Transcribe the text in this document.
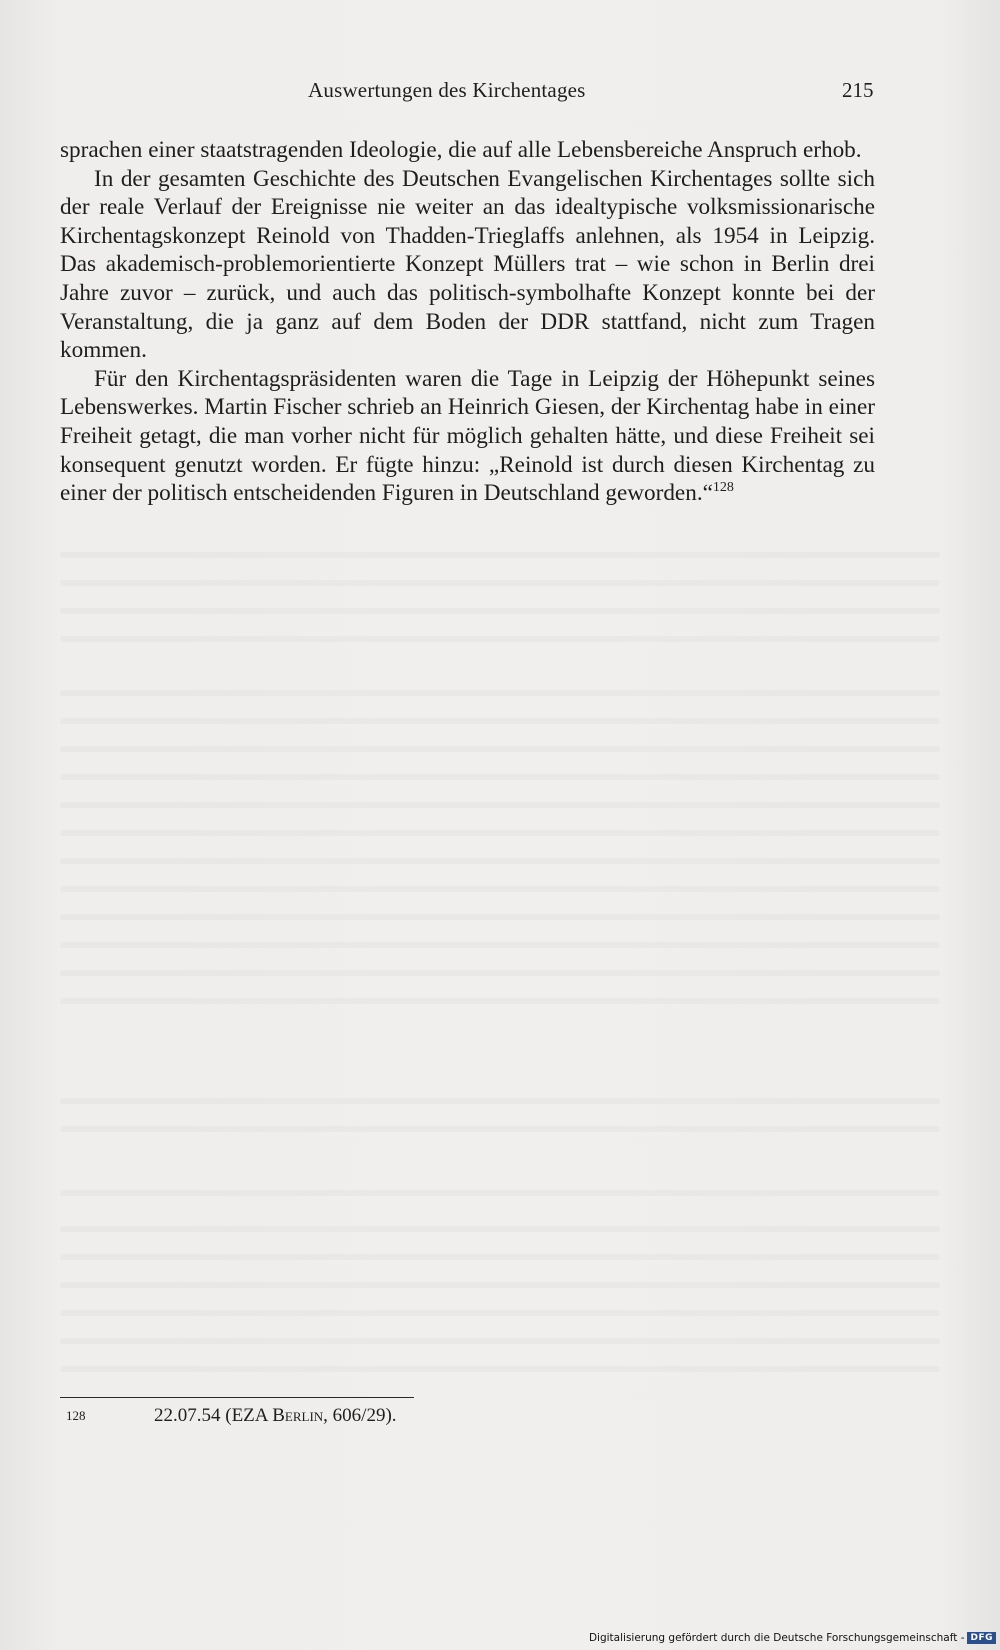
Auswertungen des Kirchentages	215

sprachen einer staatstragenden Ideologie, die auf alle Lebensbereiche Anspruch erhob.

In der gesamten Geschichte des Deutschen Evangelischen Kirchentages sollte sich der reale Verlauf der Ereignisse nie weiter an das idealtypische volksmissionarische Kirchentagskonzept Reinold von Thadden-Trieglaffs anlehnen, als 1954 in Leipzig. Das akademisch-problemorientierte Konzept Müllers trat – wie schon in Berlin drei Jahre zuvor – zurück, und auch das politisch-symbolhafte Konzept konnte bei der Veranstaltung, die ja ganz auf dem Boden der DDR stattfand, nicht zum Tragen kommen.

Für den Kirchentagspräsidenten waren die Tage in Leipzig der Höhepunkt seines Lebenswerkes. Martin Fischer schrieb an Heinrich Giesen, der Kirchentag habe in einer Freiheit getagt, die man vorher nicht für möglich gehalten hätte, und diese Freiheit sei konsequent genutzt worden. Er fügte hinzu: „Reinold ist durch diesen Kirchentag zu einer der politisch entscheidenden Figuren in Deutschland geworden.“$^{128}$

128	22.07.54 (EZA Berlin, 606/29).
Digitalisierung gefördert durch die Deutsche Forschungsgemeinschaft - DFG
